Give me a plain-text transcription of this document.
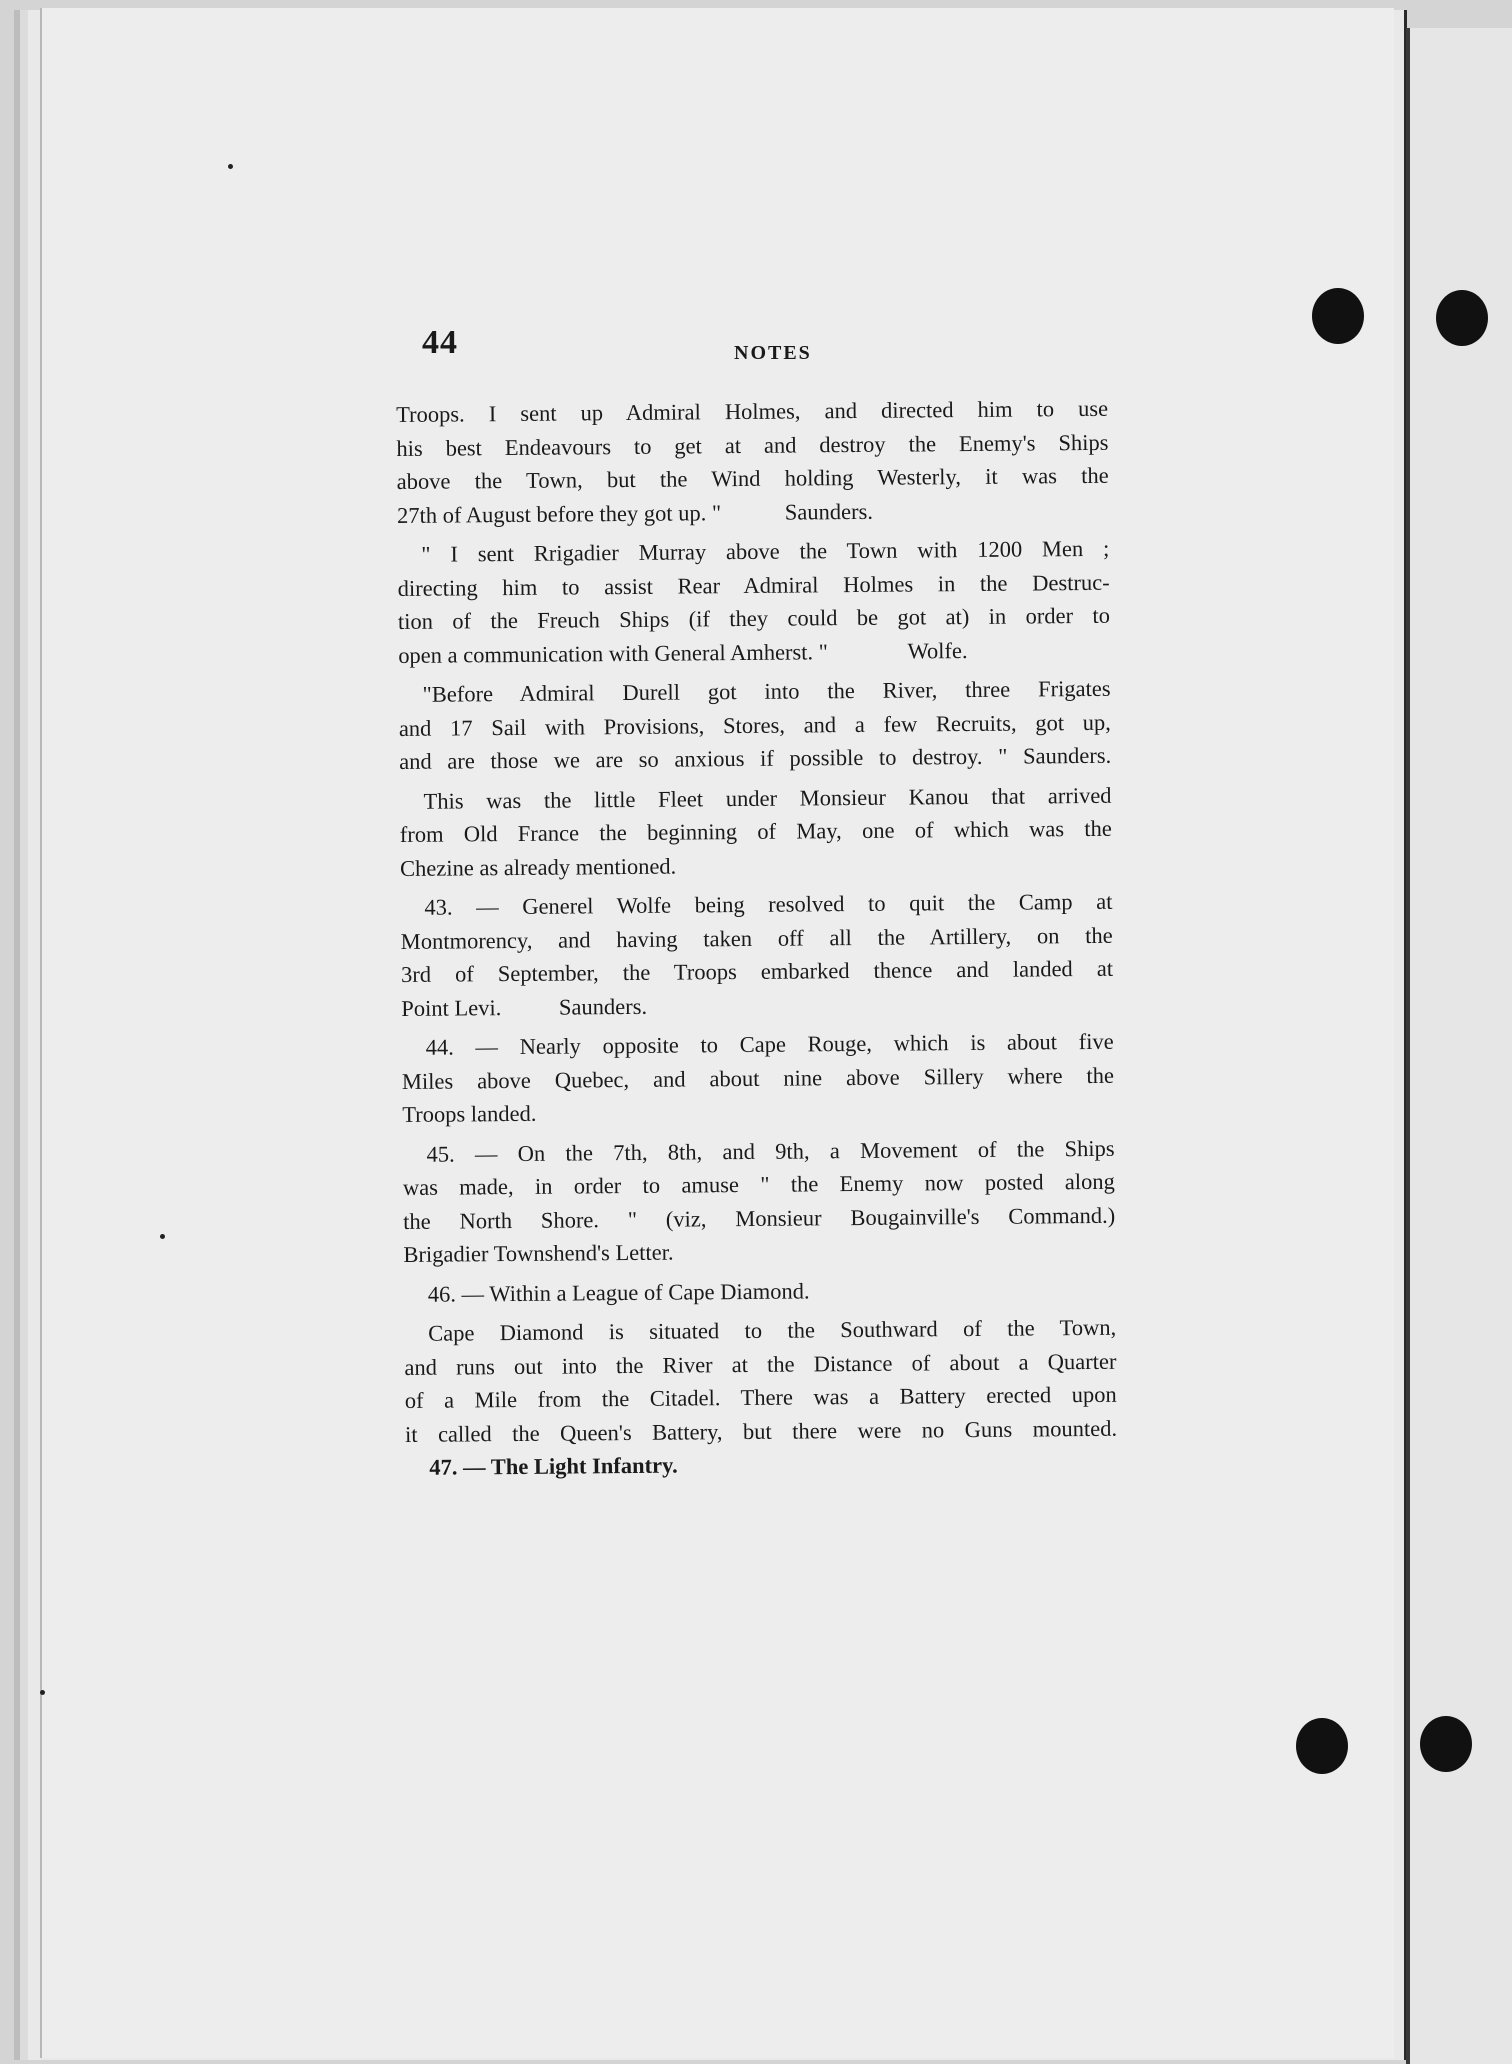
44	NOTES
Troops. I sent up Admiral Holmes, and directed him to use
his best Endeavours to get at and destroy the Enemy's Ships
above the Town, but the Wind holding Westerly, it was the
27th of August before they got up. "	Saunders.
" I sent Rrigadier Murray above the Town with 1200 Men ;
directing him to assist Rear Admiral Holmes in the Destruc-
tion of the Freuch Ships (if they could be got at) in order to
open a communication with General Amherst. "	Wolfe.
"Before Admiral Durell got into the River, three Frigates
and 17 Sail with Provisions, Stores, and a few Recruits, got up,
and are those we are so anxious if possible to destroy. " Saunders.
This was the little Fleet under Monsieur Kanou that arrived
from Old France the beginning of May, one of which was the
Chezine as already mentioned.
43. — Generel Wolfe being resolved to quit the Camp at
Montmorency, and having taken off all the Artillery, on the
3rd of September, the Troops embarked thence and landed at
Point Levi.	Saunders.
44. — Nearly opposite to Cape Rouge, which is about five
Miles above Quebec, and about nine above Sillery where the
Troops landed.
45. — On the 7th, 8th, and 9th, a Movement of the Ships
was made, in order to amuse " the Enemy now posted along
the North Shore. " (viz, Monsieur Bougainville's Command.)
Brigadier Townshend's Letter.
46. — Within a League of Cape Diamond.
Cape Diamond is situated to the Southward of the Town,
and runs out into the River at the Distance of about a Quarter
of a Mile from the Citadel. There was a Battery erected upon
it called the Queen's Battery, but there were no Guns mounted.
47. — The Light Infantry.
